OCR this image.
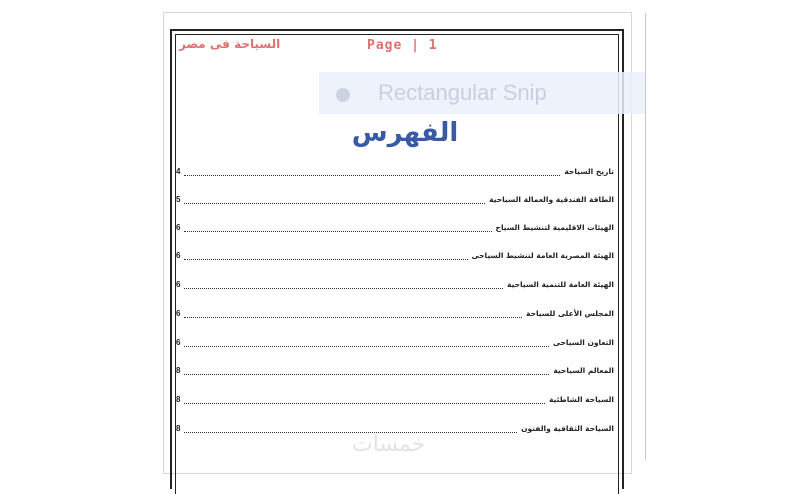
السياحة فى مصر	Page | 1
Rectangular Snip
الفهرس
4	تاريخ السياحة
5	الطاقة الفندقية والعمالة السياحية
6	الهيئات الاقليمية لتنشيط السياح
6	الهيئة المصرية العامة لتنشيط السياحى
6	الهيئة العامة للتنمية السياحية
6	المجلس الأعلى للسياحة
6	التعاون السياحى
8	المعالم السياحية
8	السياحة الشاطئية
8	السياحة الثقافية والفنون
خمسات
